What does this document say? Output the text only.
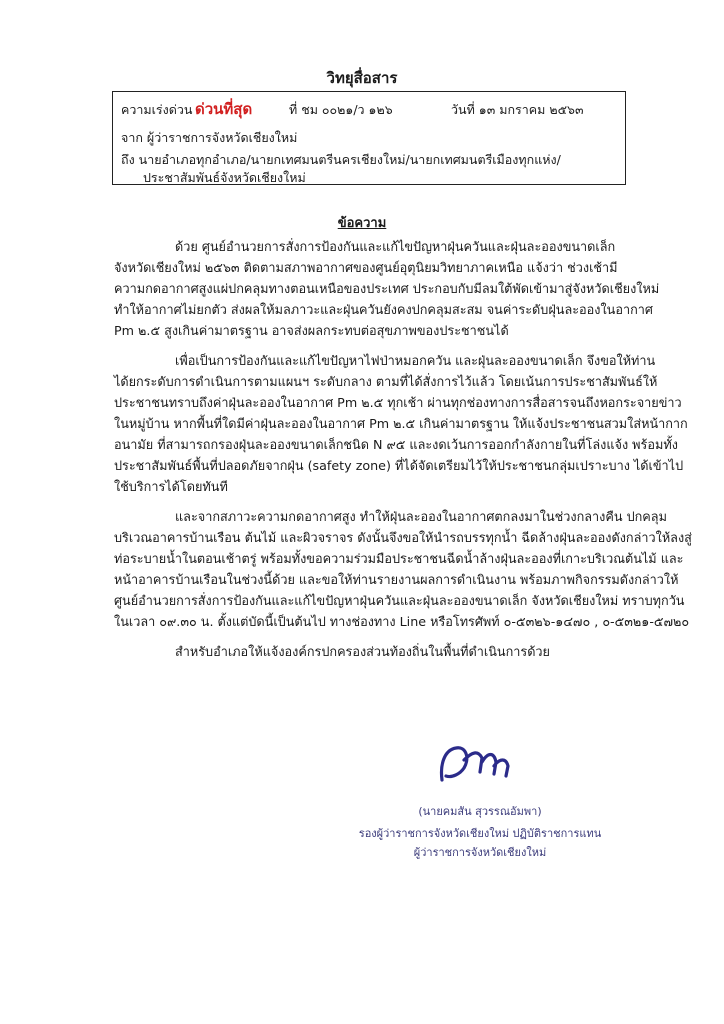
วิทยุสื่อสาร
ความเร่งด่วน ด่วนที่สุด	ที่ ชม ๐๐๒๑/ว ๑๒๖	วันที่ ๑๓ มกราคม ๒๕๖๓
จาก ผู้ว่าราชการจังหวัดเชียงใหม่
ถึง นายอำเภอทุกอำเภอ/นายกเทศมนตรีนครเชียงใหม่/นายกเทศมนตรีเมืองทุกแห่ง/
ประชาสัมพันธ์จังหวัดเชียงใหม่
ข้อความ
ด้วย ศูนย์อำนวยการสั่งการป้องกันและแก้ไขปัญหาฝุ่นควันและฝุ่นละอองขนาดเล็ก
จังหวัดเชียงใหม่ ๒๕๖๓ ติดตามสภาพอากาศของศูนย์อุตุนิยมวิทยาภาคเหนือ แจ้งว่า ช่วงเช้ามี
ความกดอากาศสูงแผ่ปกคลุมทางตอนเหนือของประเทศ ประกอบกับมีลมใต้พัดเข้ามาสู่จังหวัดเชียงใหม่
ทำให้อากาศไม่ยกตัว ส่งผลให้มลภาวะและฝุ่นควันยังคงปกคลุมสะสม จนค่าระดับฝุ่นละอองในอากาศ
Pm ๒.๕ สูงเกินค่ามาตรฐาน อาจส่งผลกระทบต่อสุขภาพของประชาชนได้
เพื่อเป็นการป้องกันและแก้ไขปัญหาไฟป่าหมอกควัน และฝุ่นละอองขนาดเล็ก จึงขอให้ท่าน
ได้ยกระดับการดำเนินการตามแผนฯ ระดับกลาง ตามที่ได้สั่งการไว้แล้ว โดยเน้นการประชาสัมพันธ์ให้
ประชาชนทราบถึงค่าฝุ่นละอองในอากาศ Pm ๒.๕ ทุกเช้า ผ่านทุกช่องทางการสื่อสารจนถึงหอกระจายข่าว
ในหมู่บ้าน หากพื้นที่ใดมีค่าฝุ่นละอองในอากาศ Pm ๒.๕ เกินค่ามาตรฐาน ให้แจ้งประชาชนสวมใส่หน้ากาก
อนามัย ที่สามารถกรองฝุ่นละอองขนาดเล็กชนิด N ๙๕ และงดเว้นการออกกำลังกายในที่โล่งแจ้ง พร้อมทั้ง
ประชาสัมพันธ์พื้นที่ปลอดภัยจากฝุ่น (safety zone) ที่ได้จัดเตรียมไว้ให้ประชาชนกลุ่มเปราะบาง ได้เข้าไป
ใช้บริการได้โดยทันที
และจากสภาวะความกดอากาศสูง ทำให้ฝุ่นละอองในอากาศตกลงมาในช่วงกลางคืน ปกคลุม
บริเวณอาคารบ้านเรือน ต้นไม้ และผิวจราจร ดังนั้นจึงขอให้นำรถบรรทุกน้ำ ฉีดล้างฝุ่นละอองดังกล่าวให้ลงสู่
ท่อระบายน้ำในตอนเช้าตรู่ พร้อมทั้งขอความร่วมมือประชาชนฉีดน้ำล้างฝุ่นละอองที่เกาะบริเวณต้นไม้ และ
หน้าอาคารบ้านเรือนในช่วงนี้ด้วย และขอให้ท่านรายงานผลการดำเนินงาน พร้อมภาพกิจกรรมดังกล่าวให้
ศูนย์อำนวยการสั่งการป้องกันและแก้ไขปัญหาฝุ่นควันและฝุ่นละอองขนาดเล็ก จังหวัดเชียงใหม่ ทราบทุกวัน
ในเวลา ๐๙.๓๐ น. ตั้งแต่บัดนี้เป็นต้นไป ทางช่องทาง Line หรือโทรศัพท์ ๐-๕๓๒๖-๑๔๗๐ , ๐-๕๓๒๑-๕๗๒๐
สำหรับอำเภอให้แจ้งองค์กรปกครองส่วนท้องถิ่นในพื้นที่ดำเนินการด้วย
(นายคมสัน สุวรรณอัมพา)
รองผู้ว่าราชการจังหวัดเชียงใหม่ ปฏิบัติราชการแทน
ผู้ว่าราชการจังหวัดเชียงใหม่
